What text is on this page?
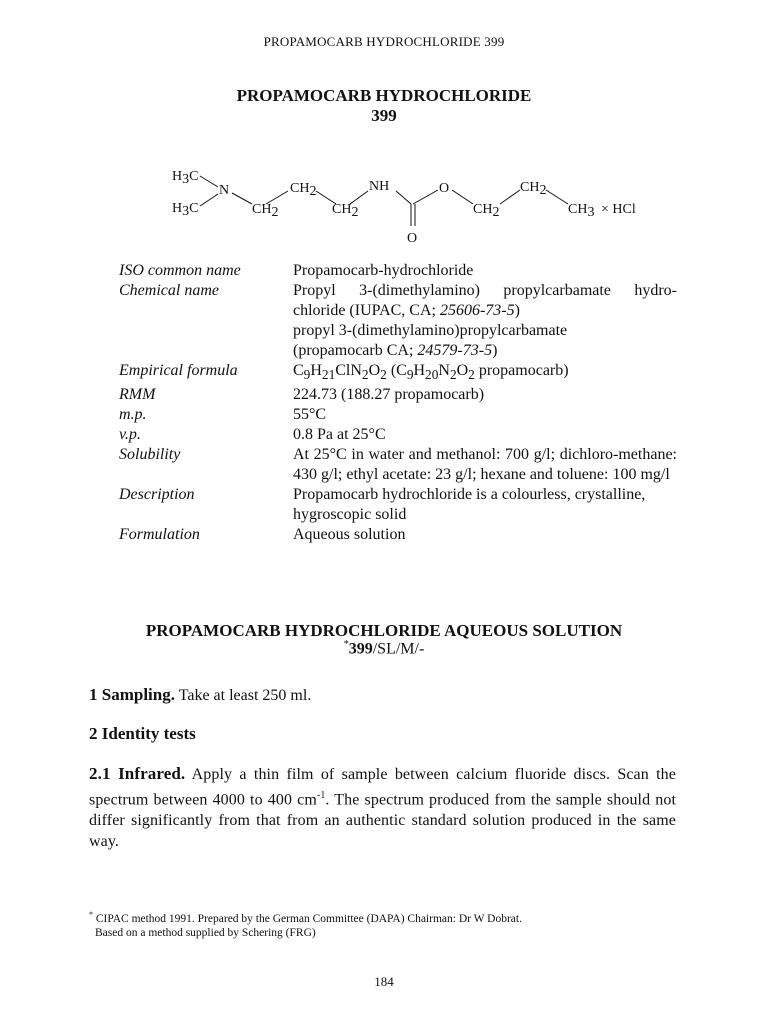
PROPAMOCARB HYDROCHLORIDE 399
PROPAMOCARB HYDROCHLORIDE
399
H3C
N
H3C	CH2
CH2
CH2
NH	O
O
CH2
CH2
CH3 × HCl
ISO common name	Propamocarb-hydrochloride
Chemical name	Propyl 3-(dimethylamino) propylcarbamate hydro-
chloride (IUPAC, CA; 25606-73-5)
propyl 3-(dimethylamino)propylcarbamate
(propamocarb CA; 24579-73-5)
Empirical formula	$C_9H_{21}ClN_2O_2$ ($C_9H_{20}N_2O_2$ propamocarb)
RMM	224.73 (188.27 propamocarb)
m.p.	55°C
v.p.	0.8 Pa at 25°C
Solubility	At 25°C in water and methanol: 700 g/l; dichloro-methane: 430 g/l; ethyl acetate: 23 g/l; hexane and toluene: 100 mg/l
Description	Propamocarb hydrochloride is a colourless, crystalline, hygroscopic solid
Formulation	Aqueous solution
PROPAMOCARB HYDROCHLORIDE AQUEOUS SOLUTION
*399/SL/M/-
1 Sampling. Take at least 250 ml.
2 Identity tests
2.1 Infrared. Apply a thin film of sample between calcium fluoride discs. Scan the spectrum between 4000 to 400 $cm^{-1}$. The spectrum produced from the sample should not differ significantly from that from an authentic standard solution produced in the same way.
* CIPAC method 1991. Prepared by the German Committee (DAPA) Chairman: Dr W Dobrat.
Based on a method supplied by Schering (FRG)
184
